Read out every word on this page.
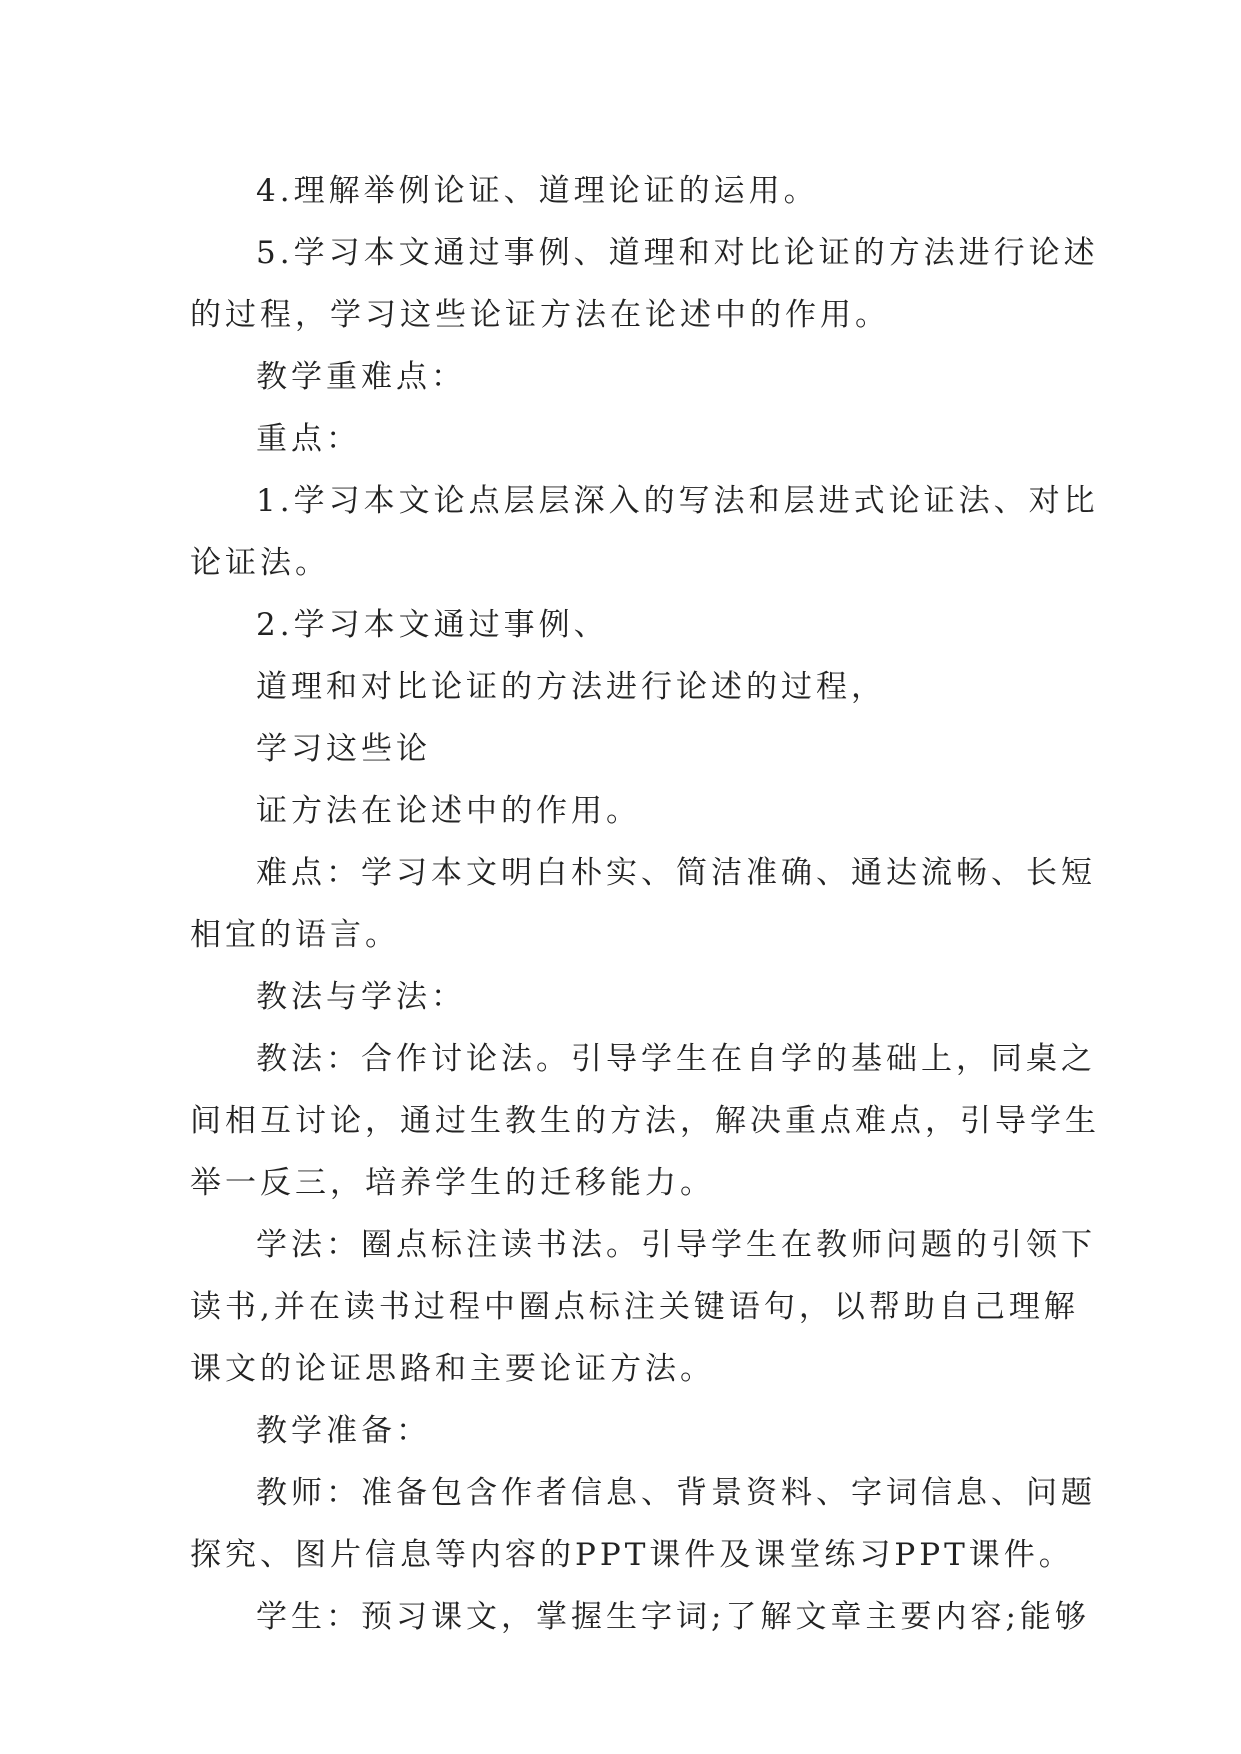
4.理解举例论证、道理论证的运用。
5.学习本文通过事例、道理和对比论证的方法进行论述
的过程，学习这些论证方法在论述中的作用。
教学重难点：
重点：
1.学习本文论点层层深入的写法和层进式论证法、对比
论证法。
2.学习本文通过事例、
道理和对比论证的方法进行论述的过程，
学习这些论
证方法在论述中的作用。
难点：学习本文明白朴实、简洁准确、通达流畅、长短
相宜的语言。
教法与学法：
教法：合作讨论法。引导学生在自学的基础上，同桌之
间相互讨论，通过生教生的方法，解决重点难点，引导学生
举一反三，培养学生的迁移能力。
学法：圈点标注读书法。引导学生在教师问题的引领下
读书,并在读书过程中圈点标注关键语句，以帮助自己理解
课文的论证思路和主要论证方法。
教学准备：
教师：准备包含作者信息、背景资料、字词信息、问题
探究、图片信息等内容的PPT课件及课堂练习PPT课件。
学生：预习课文，掌握生字词;了解文章主要内容;能够
